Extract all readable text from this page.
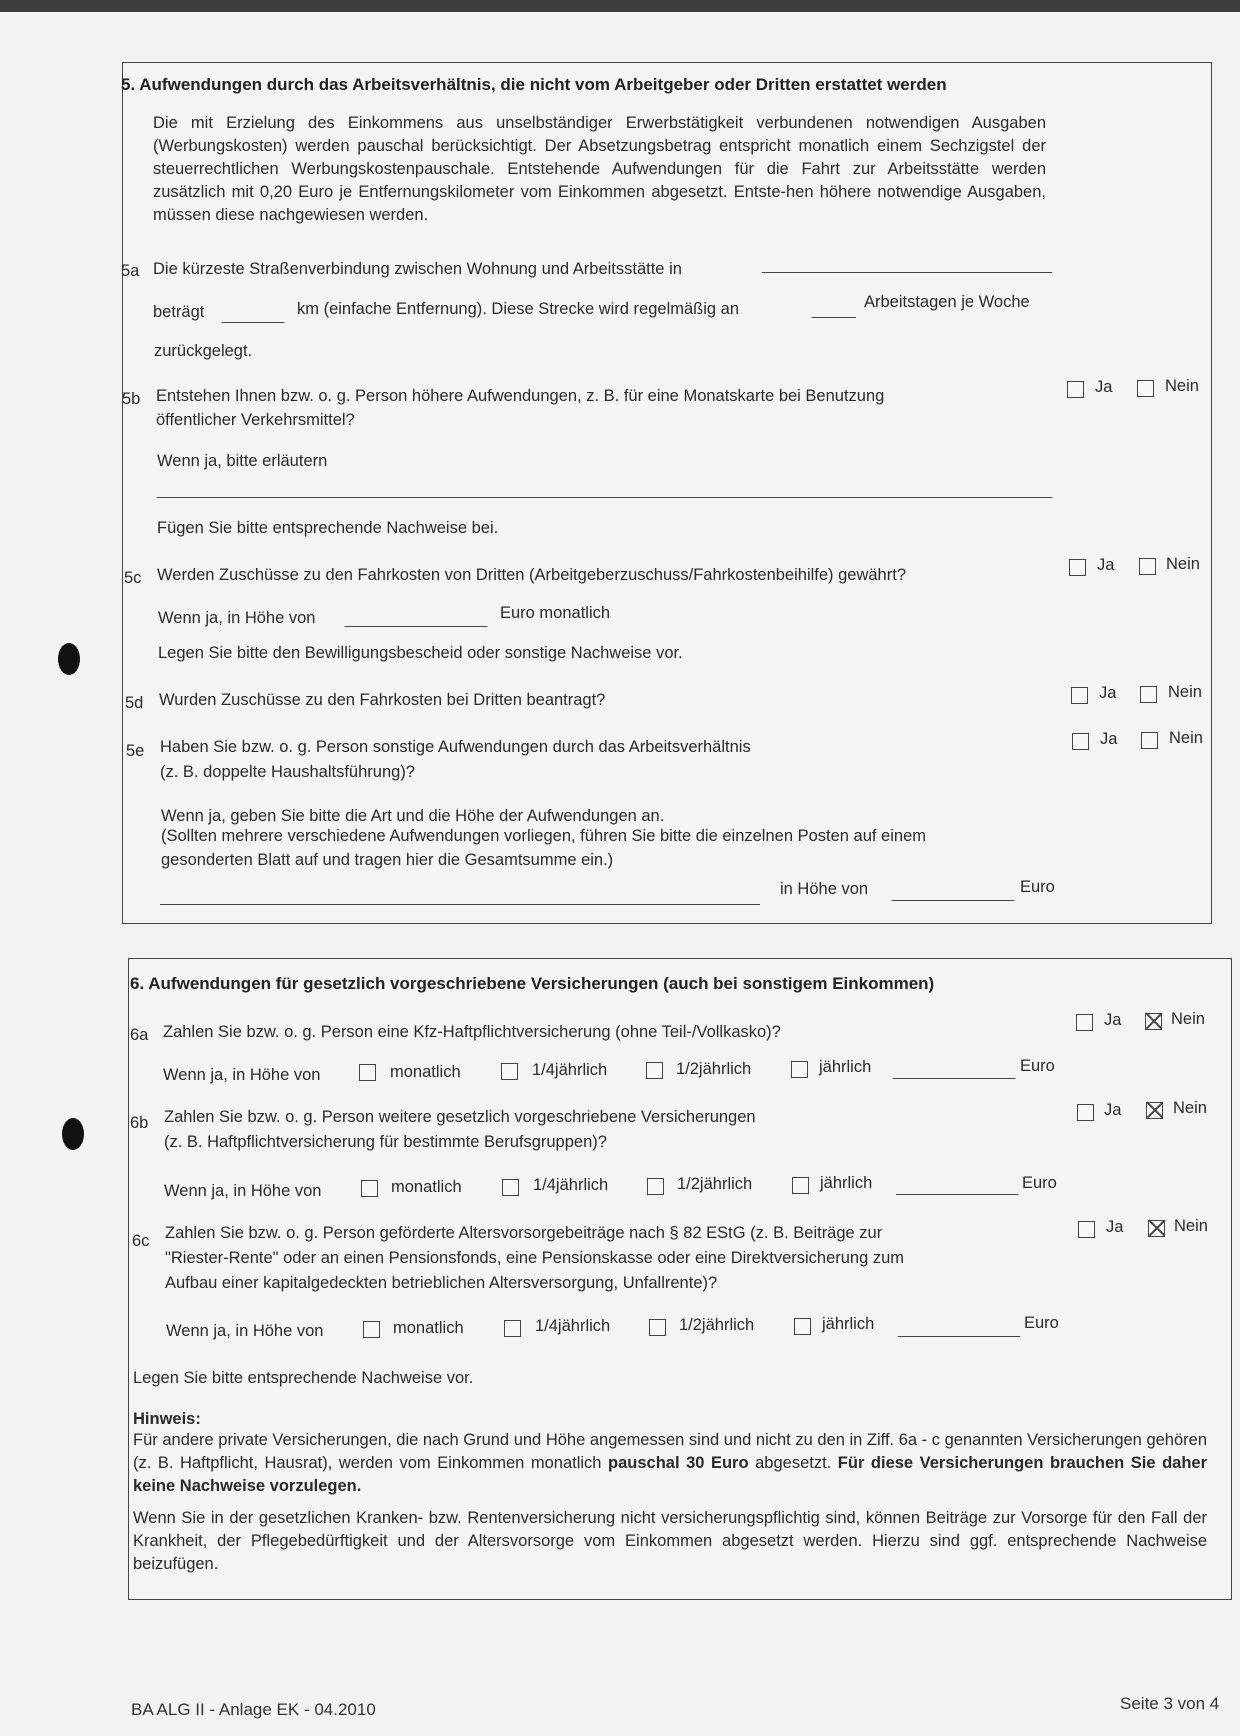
5. Aufwendungen durch das Arbeitsverhältnis, die nicht vom Arbeitgeber oder Dritten erstattet werden
Die mit Erzielung des Einkommens aus unselbständiger Erwerbstätigkeit verbundenen notwendigen Ausgaben (Werbungskosten) werden pauschal berücksichtigt. Der Absetzungsbetrag entspricht monatlich einem Sechzigstel der steuerrechtlichen Werbungskostenpauschale. Entstehende Aufwendungen für die Fahrt zur Arbeitsstätte werden zusätzlich mit 0,20 Euro je Entfernungskilometer vom Einkommen abgesetzt. Entste-hen höhere notwendige Ausgaben, müssen diese nachgewiesen werden.
5a Die kürzeste Straßenverbindung zwischen Wohnung und Arbeitsstätte in
beträgt	km (einfache Entfernung). Diese Strecke wird regelmäßig an	Arbeitstagen je Woche
zurückgelegt.
5b Entstehen Ihnen bzw. o. g. Person höhere Aufwendungen, z. B. für eine Monatskarte bei Benutzung
öffentlicher Verkehrsmittel?
Ja	Nein
Wenn ja, bitte erläutern
Fügen Sie bitte entsprechende Nachweise bei.
5c Werden Zuschüsse zu den Fahrkosten von Dritten (Arbeitgeberzuschuss/Fahrkostenbeihilfe) gewährt?
Ja	Nein
Wenn ja, in Höhe von	Euro monatlich
Legen Sie bitte den Bewilligungsbescheid oder sonstige Nachweise vor.
5d Wurden Zuschüsse zu den Fahrkosten bei Dritten beantragt?	Ja	Nein
5e Haben Sie bzw. o. g. Person sonstige Aufwendungen durch das Arbeitsverhältnis
(z. B. doppelte Haushaltsführung)?
Ja	Nein
Wenn ja, geben Sie bitte die Art und die Höhe der Aufwendungen an.
(Sollten mehrere verschiedene Aufwendungen vorliegen, führen Sie bitte die einzelnen Posten auf einem
gesonderten Blatt auf und tragen hier die Gesamtsumme ein.)
in Höhe von	Euro
6. Aufwendungen für gesetzlich vorgeschriebene Versicherungen (auch bei sonstigem Einkommen)
6a Zahlen Sie bzw. o. g. Person eine Kfz-Haftpflichtversicherung (ohne Teil-/Vollkasko)?
Ja	Nein
Wenn ja, in Höhe von	monatlich	1/4jährlich	1/2jährlich	jährlich	Euro
6b Zahlen Sie bzw. o. g. Person weitere gesetzlich vorgeschriebene Versicherungen
(z. B. Haftpflichtversicherung für bestimmte Berufsgruppen)?
Ja	Nein
Wenn ja, in Höhe von	monatlich	1/4jährlich	1/2jährlich	jährlich	Euro
6c Zahlen Sie bzw. o. g. Person geförderte Altersvorsorgebeiträge nach § 82 EStG (z. B. Beiträge zur
"Riester-Rente" oder an einen Pensionsfonds, eine Pensionskasse oder eine Direktversicherung zum
Aufbau einer kapitalgedeckten betrieblichen Altersversorgung, Unfallrente)?
Ja	Nein
Wenn ja, in Höhe von	monatlich	1/4jährlich	1/2jährlich	jährlich	Euro
Legen Sie bitte entsprechende Nachweise vor.
Hinweis:
Für andere private Versicherungen, die nach Grund und Höhe angemessen sind und nicht zu den in Ziff. 6a - c genannten Versicherungen gehören (z. B. Haftpflicht, Hausrat), werden vom Einkommen monatlich pauschal 30 Euro abgesetzt. Für diese Versicherungen brauchen Sie daher keine Nachweise vorzulegen.
Wenn Sie in der gesetzlichen Kranken- bzw. Rentenversicherung nicht versicherungspflichtig sind, können Beiträge zur Vorsorge für den Fall der Krankheit, der Pflegebedürftigkeit und der Altersvorsorge vom Einkommen abgesetzt werden. Hierzu sind ggf. entsprechende Nachweise beizufügen.
BA ALG II - Anlage EK - 04.2010	Seite 3 von 4
